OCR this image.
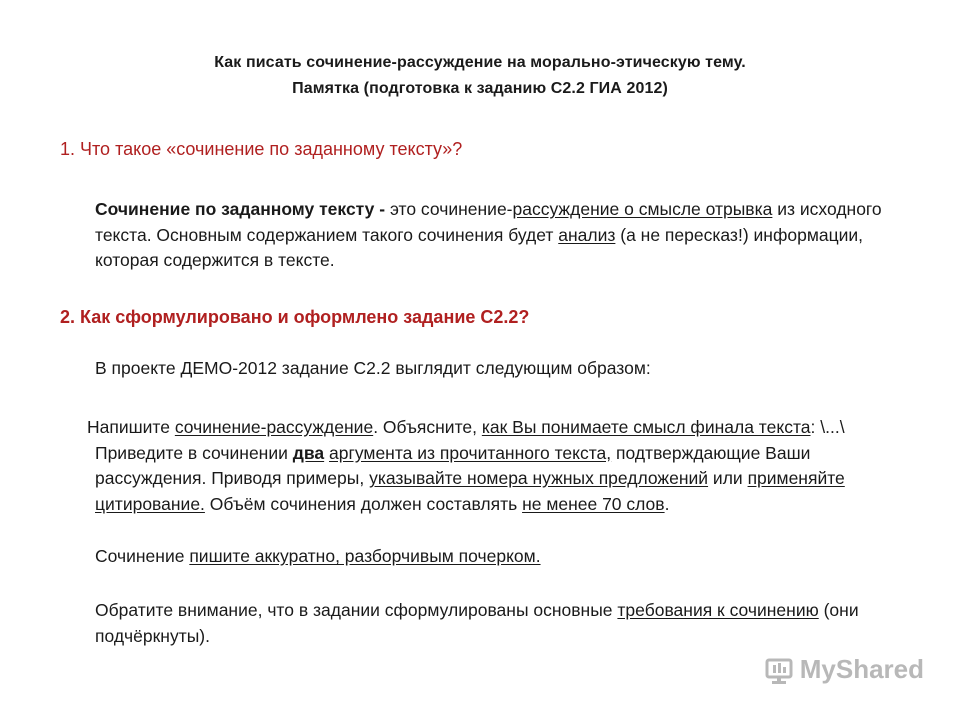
Как писать сочинение-рассуждение на морально-этическую тему.
Памятка (подготовка к заданию С2.2 ГИА 2012)
1. Что такое «сочинение по заданному тексту»?
Сочинение по заданному тексту - это сочинение-рассуждение о смысле отрывка из исходного текста. Основным содержанием такого сочинения будет анализ (а не пересказ!) информации, которая содержится в тексте.
2. Как сформулировано и оформлено задание С2.2?
В проекте ДЕМО-2012 задание С2.2 выглядит следующим образом:
Напишите сочинение-рассуждение. Объясните, как Вы понимаете смысл финала текста: \...\ Приведите в сочинении два аргумента из прочитанного текста, подтверждающие Ваши рассуждения. Приводя примеры, указывайте номера нужных предложений или применяйте цитирование. Объём сочинения должен составлять не менее 70 слов.
Сочинение пишите аккуратно, разборчивым почерком.
Обратите внимание, что в задании сформулированы основные требования к сочинению (они подчёркнуты).
MyShared
